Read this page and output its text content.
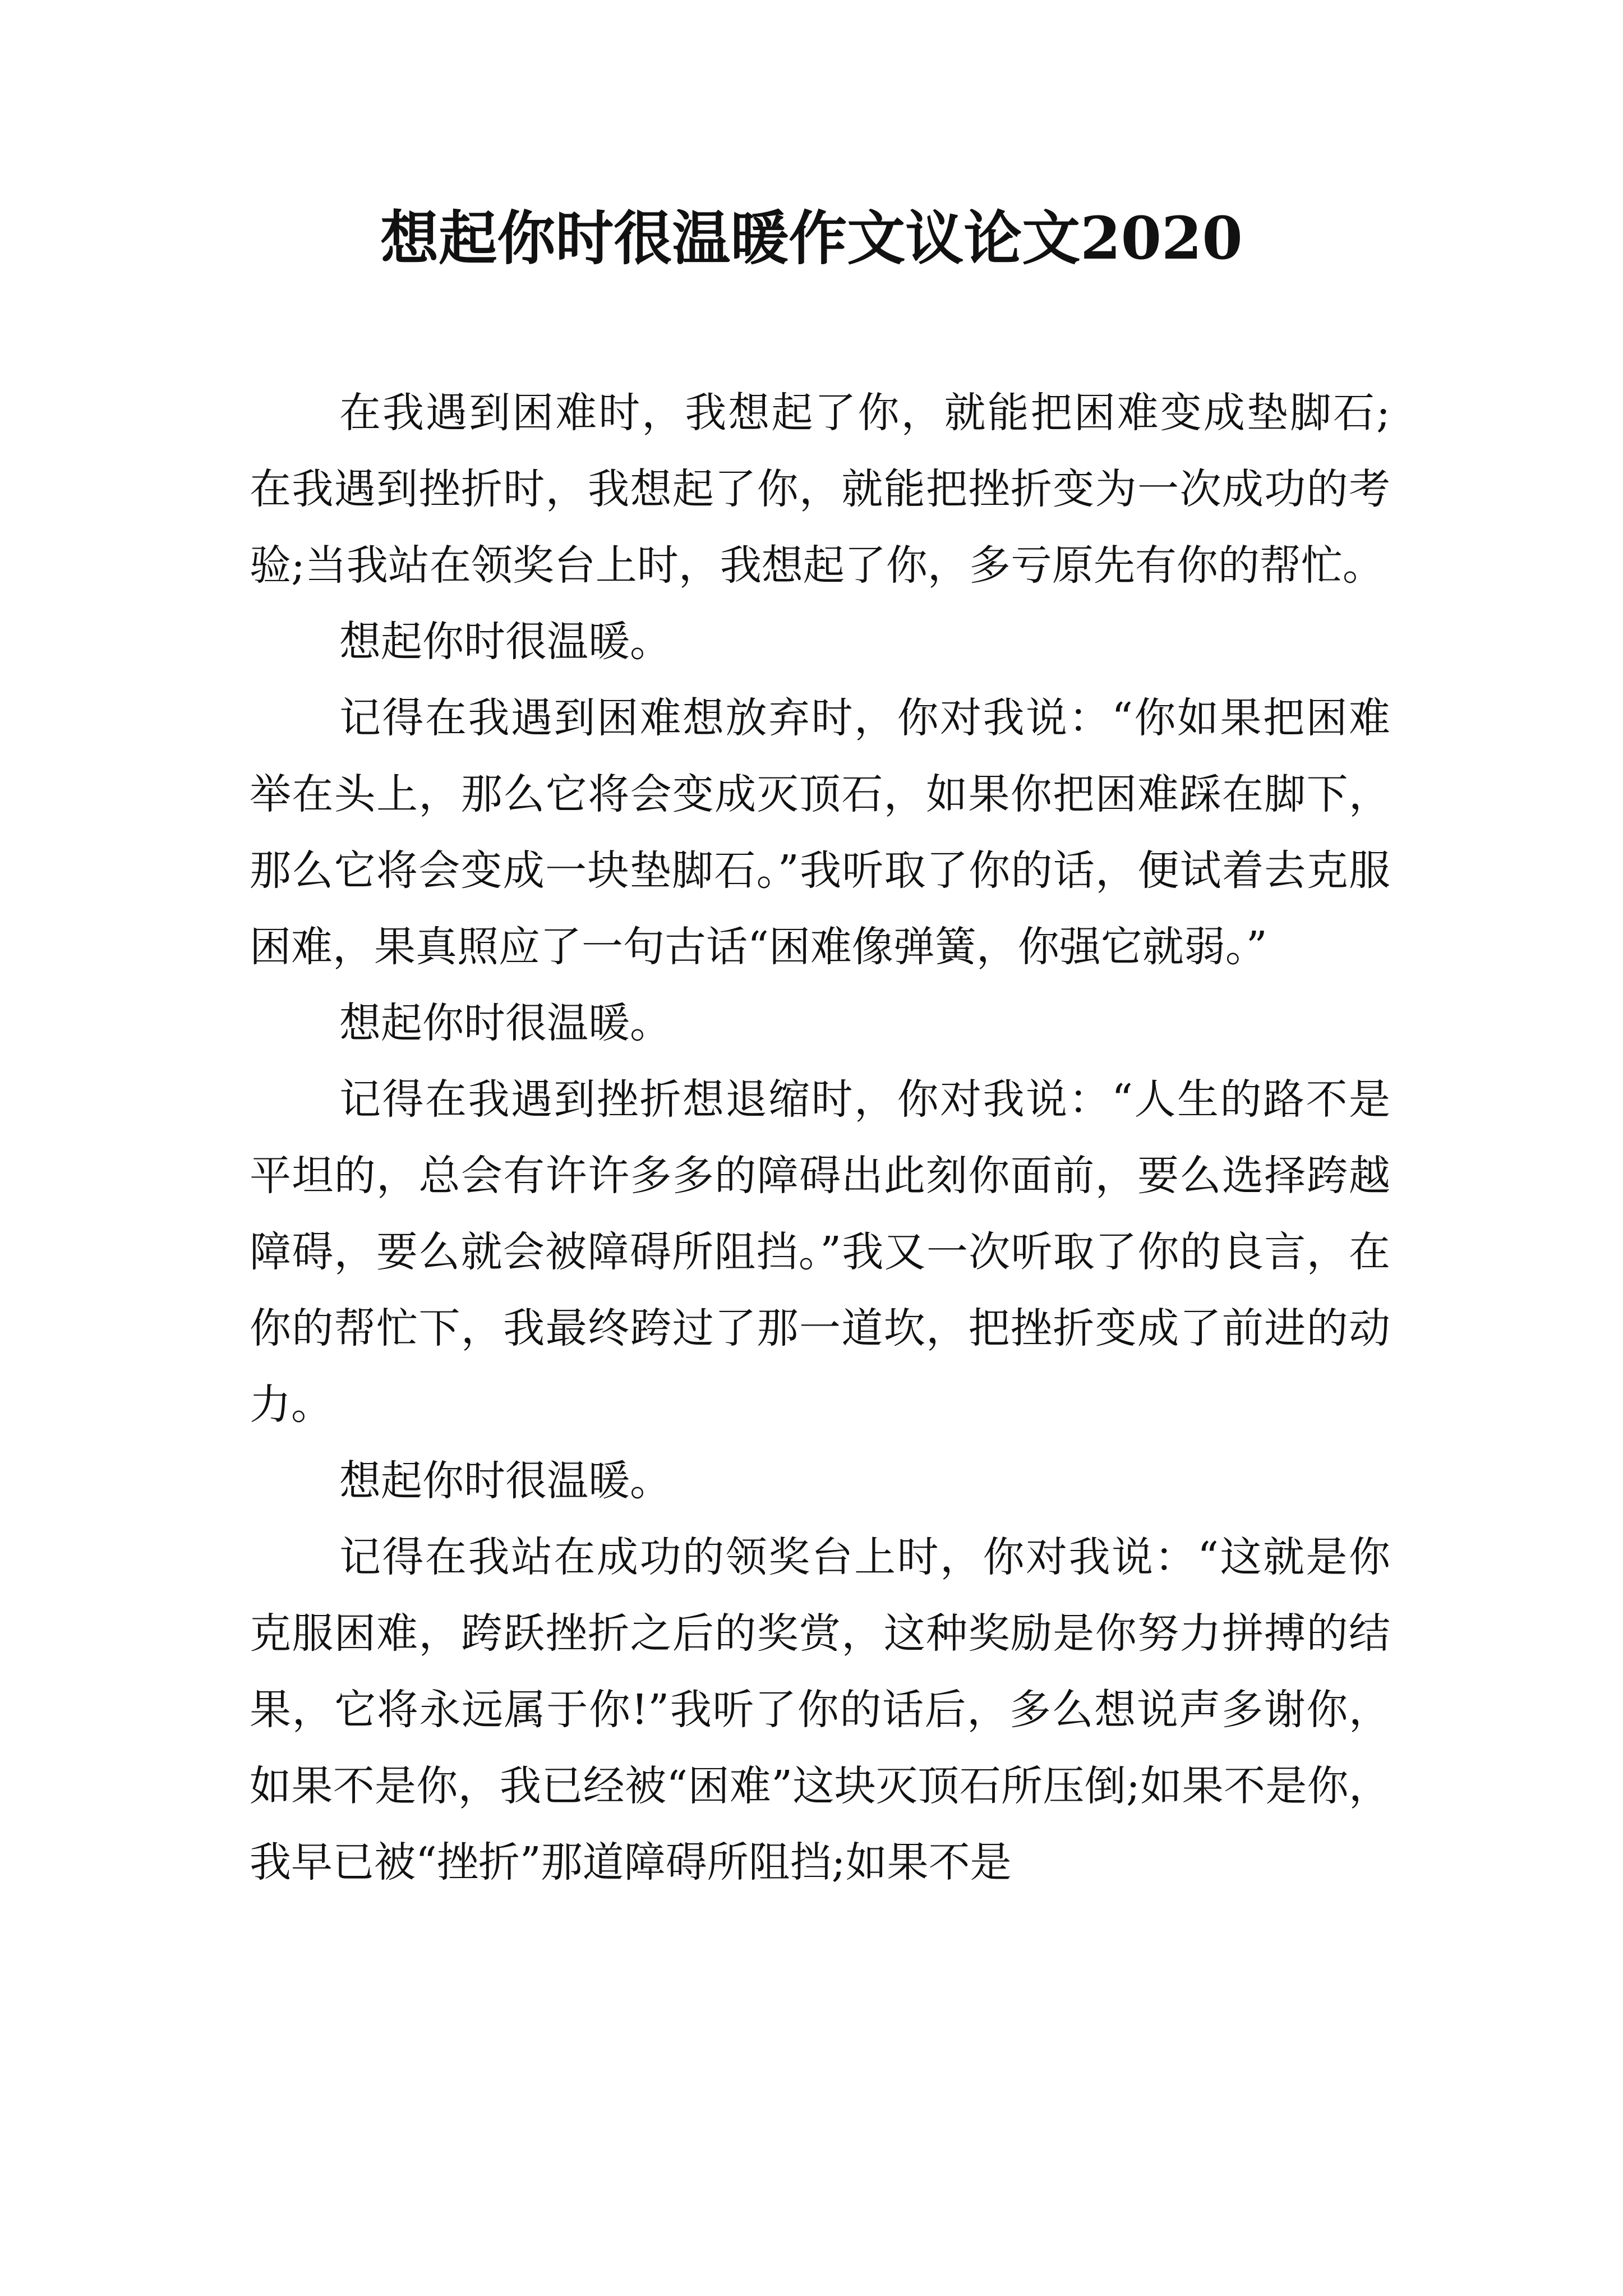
想起你时很温暖作文议论文2020

在我遇到困难时，我想起了你，就能把困难变成垫脚石;在我遇到挫折时，我想起了你，就能把挫折变为一次成功的考验;当我站在领奖台上时，我想起了你，多亏原先有你的帮忙。

想起你时很温暖。

记得在我遇到困难想放弃时，你对我说：“你如果把困难举在头上，那么它将会变成灭顶石，如果你把困难踩在脚下，那么它将会变成一块垫脚石。”我听取了你的话，便试着去克服困难，果真照应了一句古话“困难像弹簧，你强它就弱。”

想起你时很温暖。

记得在我遇到挫折想退缩时，你对我说：“人生的路不是平坦的，总会有许许多多的障碍出此刻你面前，要么选择跨越障碍，要么就会被障碍所阻挡。”我又一次听取了你的良言，在你的帮忙下，我最终跨过了那一道坎，把挫折变成了前进的动力。

想起你时很温暖。

记得在我站在成功的领奖台上时，你对我说：“这就是你克服困难，跨跃挫折之后的奖赏，这种奖励是你努力拼搏的结果，它将永远属于你!”我听了你的话后，多么想说声多谢你，如果不是你，我已经被“困难”这块灭顶石所压倒;如果不是你，我早已被“挫折”那道障碍所阻挡;如果不是
